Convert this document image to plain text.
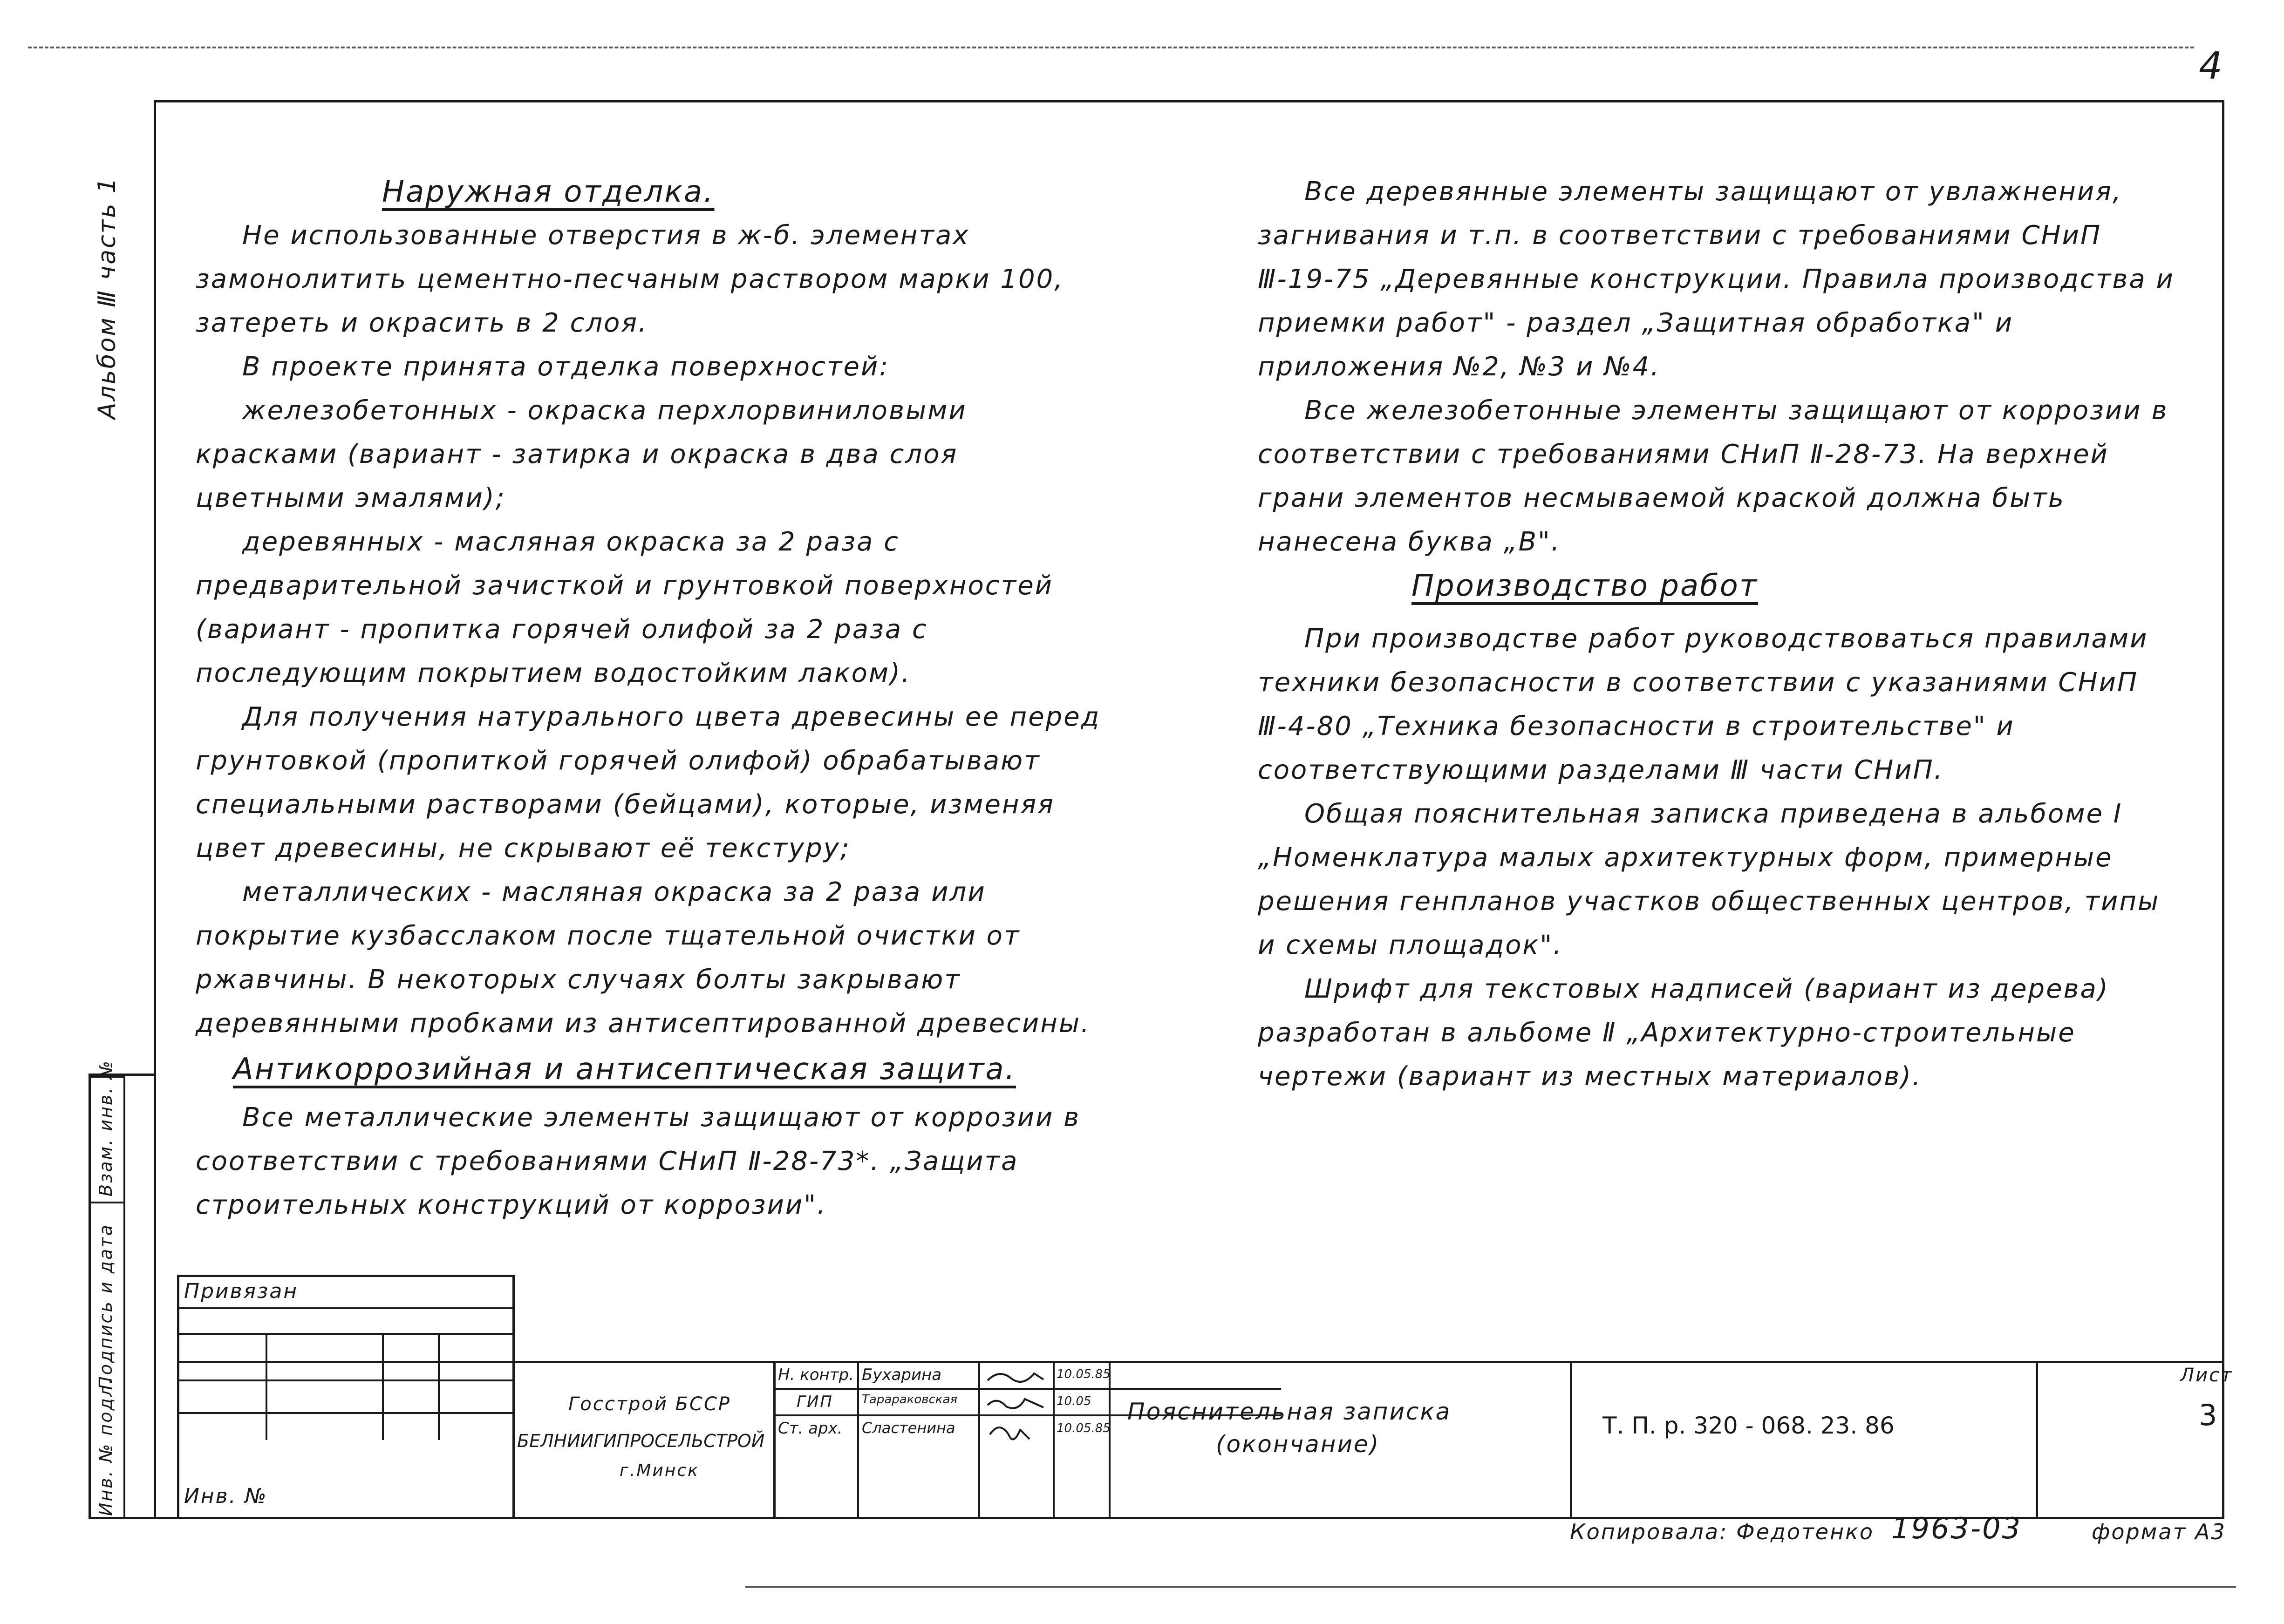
4
Альбом Ⅲ часть 1
Инв. № подл.
Подпись и дата
Взам. инв. №

Наружная отделка.

Не использованные отверстия в ж-б. элементах замонолитить цементно-песчаным раствором марки 100, затереть и окрасить в 2 слоя.

В проекте принята отделка поверхностей:

железобетонных - окраска перхлорвиниловыми красками (вариант - затирка и окраска в два слоя цветными эмалями);

деревянных - масляная окраска за 2 раза с предварительной зачисткой и грунтовкой поверхностей (вариант - пропитка горячей олифой за 2 раза с последующим покрытием водостойким лаком).

Для получения натурального цвета древесины ее перед грунтовкой (пропиткой горячей олифой) обрабатывают специальными растворами (бейцами), которые, изменяя цвет древесины, не скрывают её текстуру;

металлических - масляная окраска за 2 раза или покрытие кузбасслаком после тщательной очистки от ржавчины. В некоторых случаях болты закрывают деревянными пробками из антисептированной древесины.

Антикоррозийная и антисептическая защита.

Все металлические элементы защищают от коррозии в соответствии с требованиями СНиП Ⅱ-28-73*. „Защита строительных конструкций от коррозии".

Все деревянные элементы защищают от увлажнения, загнивания и т.п. в соответствии с требованиями СНиП Ⅲ-19-75 „Деревянные конструкции. Правила производства и приемки работ" - раздел „Защитная обработка" и приложения №2, №3 и №4.

Все железобетонные элементы защищают от коррозии в соответствии с требованиями СНиП Ⅱ-28-73. На верхней грани элементов несмываемой краской должна быть нанесена буква „В".

Производство работ

При производстве работ руководствоваться правилами техники безопасности в соответствии с указаниями СНиП Ⅲ-4-80 „Техника безопасности в строительстве" и соответствующими разделами Ⅲ части СНиП.

Общая пояснительная записка приведена в альбоме I „Номенклатура малых архитектурных форм, примерные решения генпланов участков общественных центров, типы и схемы площадок".

Шрифт для текстовых надписей (вариант из дерева) разработан в альбоме Ⅱ „Архитектурно-строительные чертежи (вариант из местных материалов).

Привязан
Инв. №
Госстрой БССР
БЕЛНИИГИПРОСЕЛЬСТРОЙ
г.Минск
Н. контр.
ГИП
Ст. арх.
Бухарина
Тарараковская
Сластенина
10.05.85
10.05
10.05.85
Пояснительная записка
(окончание)
Т. П. р. 320 - 068. 23. 86
Лист
3
Копировала: Федотенко 1963-03	формат А3
